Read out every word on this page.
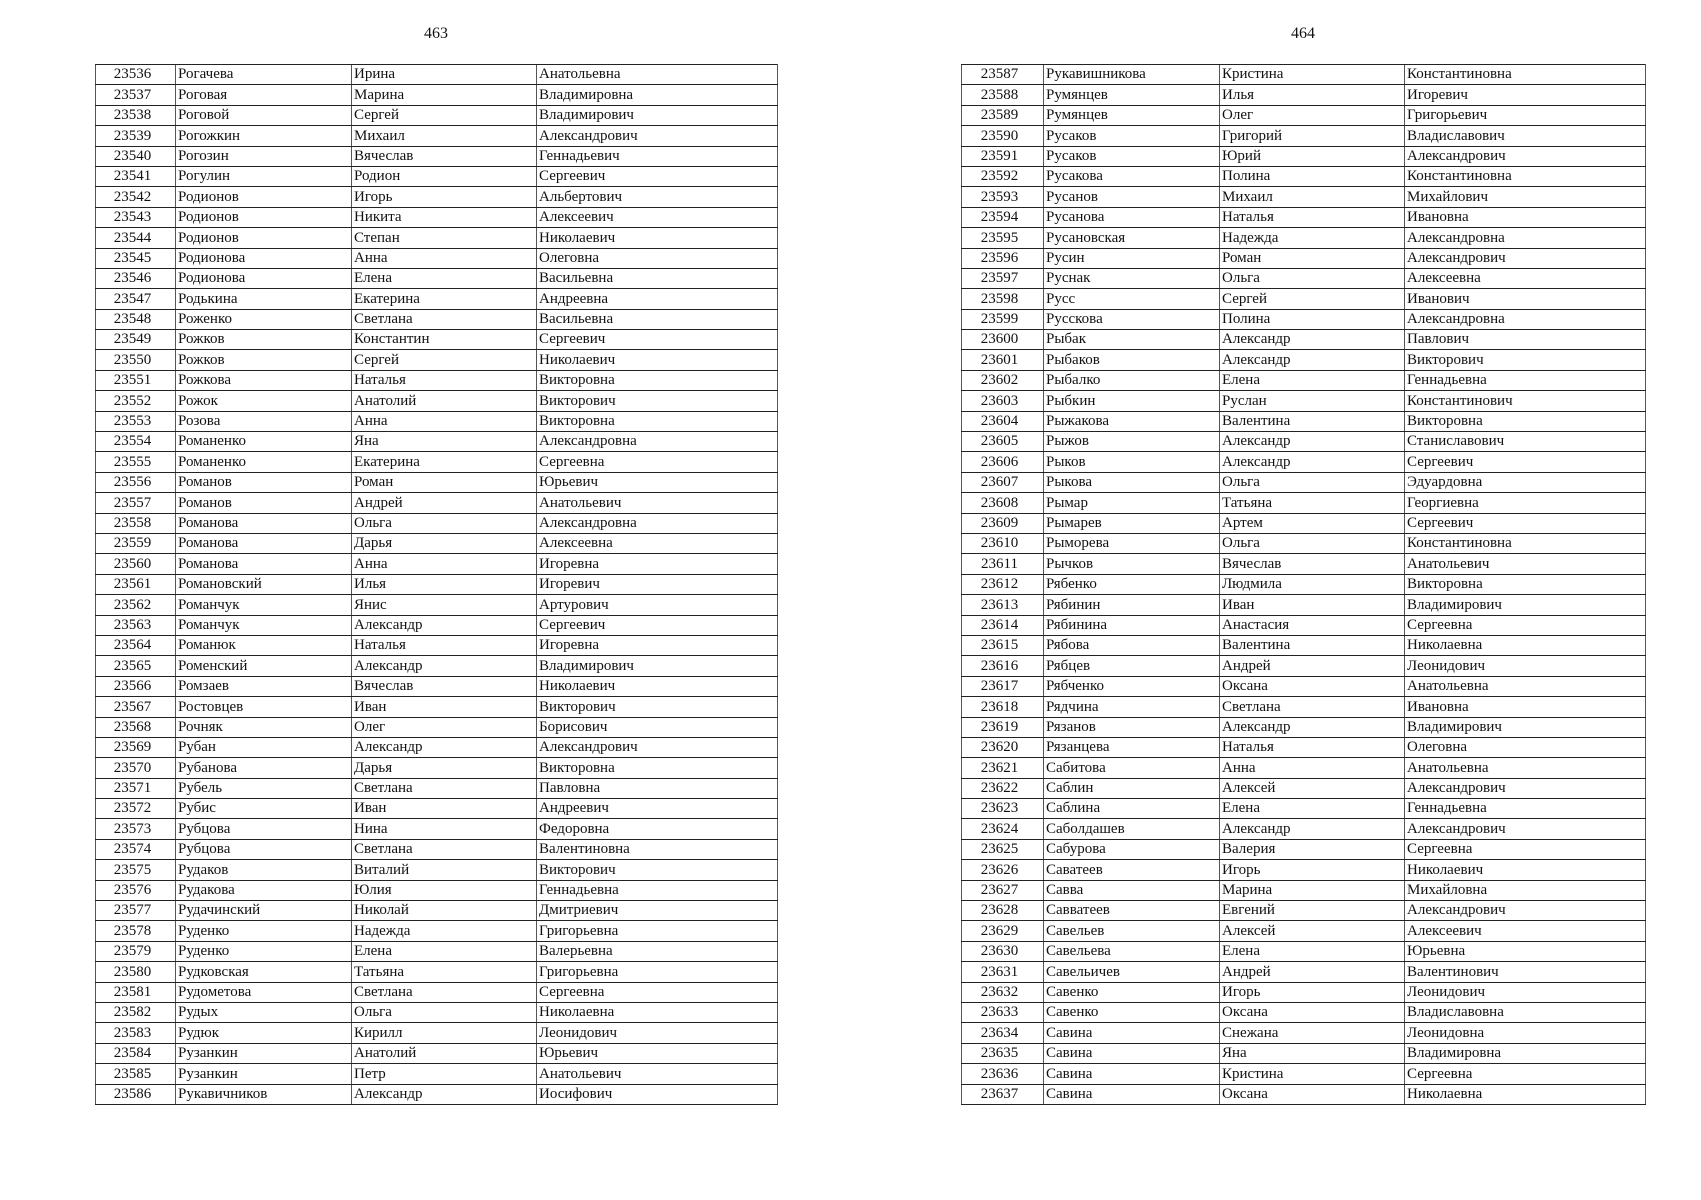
463
23536	Рогачева	Ирина	Анатольевна
23537	Роговая	Марина	Владимировна
23538	Роговой	Сергей	Владимирович
23539	Рогожкин	Михаил	Александрович
23540	Рогозин	Вячеслав	Геннадьевич
23541	Рогулин	Родион	Сергеевич
23542	Родионов	Игорь	Альбертович
23543	Родионов	Никита	Алексеевич
23544	Родионов	Степан	Николаевич
23545	Родионова	Анна	Олеговна
23546	Родионова	Елена	Васильевна
23547	Родькина	Екатерина	Андреевна
23548	Роженко	Светлана	Васильевна
23549	Рожков	Константин	Сергеевич
23550	Рожков	Сергей	Николаевич
23551	Рожкова	Наталья	Викторовна
23552	Рожок	Анатолий	Викторович
23553	Розова	Анна	Викторовна
23554	Романенко	Яна	Александровна
23555	Романенко	Екатерина	Сергеевна
23556	Романов	Роман	Юрьевич
23557	Романов	Андрей	Анатольевич
23558	Романова	Ольга	Александровна
23559	Романова	Дарья	Алексеевна
23560	Романова	Анна	Игоревна
23561	Романовский	Илья	Игоревич
23562	Романчук	Янис	Артурович
23563	Романчук	Александр	Сергеевич
23564	Романюк	Наталья	Игоревна
23565	Роменский	Александр	Владимирович
23566	Ромзаев	Вячеслав	Николаевич
23567	Ростовцев	Иван	Викторович
23568	Рочняк	Олег	Борисович
23569	Рубан	Александр	Александрович
23570	Рубанова	Дарья	Викторовна
23571	Рубель	Светлана	Павловна
23572	Рубис	Иван	Андреевич
23573	Рубцова	Нина	Федоровна
23574	Рубцова	Светлана	Валентиновна
23575	Рудаков	Виталий	Викторович
23576	Рудакова	Юлия	Геннадьевна
23577	Рудачинский	Николай	Дмитриевич
23578	Руденко	Надежда	Григорьевна
23579	Руденко	Елена	Валерьевна
23580	Рудковская	Татьяна	Григорьевна
23581	Рудометова	Светлана	Сергеевна
23582	Рудых	Ольга	Николаевна
23583	Рудюк	Кирилл	Леонидович
23584	Рузанкин	Анатолий	Юрьевич
23585	Рузанкин	Петр	Анатольевич
23586	Рукавичников	Александр	Иосифович
464
23587	Рукавишникова	Кристина	Константиновна
23588	Румянцев	Илья	Игоревич
23589	Румянцев	Олег	Григорьевич
23590	Русаков	Григорий	Владиславович
23591	Русаков	Юрий	Александрович
23592	Русакова	Полина	Константиновна
23593	Русанов	Михаил	Михайлович
23594	Русанова	Наталья	Ивановна
23595	Русановская	Надежда	Александровна
23596	Русин	Роман	Александрович
23597	Руснак	Ольга	Алексеевна
23598	Русс	Сергей	Иванович
23599	Русскова	Полина	Александровна
23600	Рыбак	Александр	Павлович
23601	Рыбаков	Александр	Викторович
23602	Рыбалко	Елена	Геннадьевна
23603	Рыбкин	Руслан	Константинович
23604	Рыжакова	Валентина	Викторовна
23605	Рыжов	Александр	Станиславович
23606	Рыков	Александр	Сергеевич
23607	Рыкова	Ольга	Эдуардовна
23608	Рымар	Татьяна	Георгиевна
23609	Рымарев	Артем	Сергеевич
23610	Рыморева	Ольга	Константиновна
23611	Рычков	Вячеслав	Анатольевич
23612	Рябенко	Людмила	Викторовна
23613	Рябинин	Иван	Владимирович
23614	Рябинина	Анастасия	Сергеевна
23615	Рябова	Валентина	Николаевна
23616	Рябцев	Андрей	Леонидович
23617	Рябченко	Оксана	Анатольевна
23618	Рядчина	Светлана	Ивановна
23619	Рязанов	Александр	Владимирович
23620	Рязанцева	Наталья	Олеговна
23621	Сабитова	Анна	Анатольевна
23622	Саблин	Алексей	Александрович
23623	Саблина	Елена	Геннадьевна
23624	Саболдашев	Александр	Александрович
23625	Сабурова	Валерия	Сергеевна
23626	Саватеев	Игорь	Николаевич
23627	Савва	Марина	Михайловна
23628	Савватеев	Евгений	Александрович
23629	Савельев	Алексей	Алексеевич
23630	Савельева	Елена	Юрьевна
23631	Савельичев	Андрей	Валентинович
23632	Савенко	Игорь	Леонидович
23633	Савенко	Оксана	Владиславовна
23634	Савина	Снежана	Леонидовна
23635	Савина	Яна	Владимировна
23636	Савина	Кристина	Сергеевна
23637	Савина	Оксана	Николаевна
